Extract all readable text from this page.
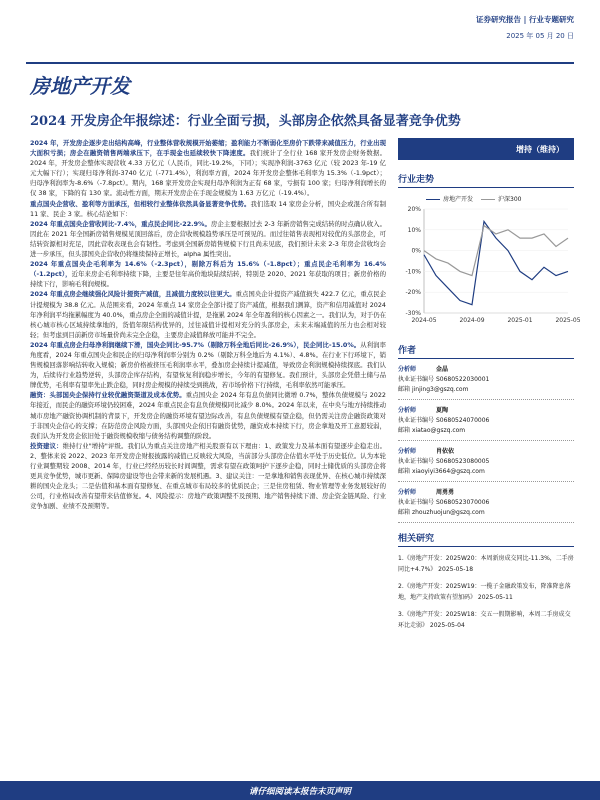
证券研究报告 | 行业专题研究
2025 年 05 月 20 日
房地产开发
2024 开发房企年报综述：行业全面亏损，头部房企依然具备显著竞争优势

2024 年，开发房企逐步走出结构高峰，行业整体营收规模开始萎缩；盈利能力不断弱化至房价下跌带来减值压力，行业出现大面积亏损；房企在融资销售两端承压下，在手现金也延续较快下降速度。我们统计了全行业 168 家开发房企财务数据。2024 年，开发房企整体实现营收 4.33 万亿元（人民币，同比-19.2%，下同）；实现净利润-3763 亿元（较 2023 年-19 亿元大幅下行）；实现归母净利润-3740 亿元（-771.4%），利润率方面，2024 年开发房企整体毛利率为 15.3%（-1.9pct）；归母净利润率为-8.6%（-7.8pct）。期内，168 家开发房企实现归母净利润为正有 68 家，亏损有 100 家；归母净利润增长的仅 38 家，下降的有 130 家。流动性方面，期末开发房企在手现金规模为 1.63 万亿元（-19.4%）。

重点国央企营收、盈利等方面承压，但相较行业整体依然具备显著竞争优势。我们选取 14 家房企分析，国央企或混合所有制 11 家、民企 3 家。核心结论如下：

2024 年重点国央企营收同比-7.4%，重点民企同比-22.9%。房企主要根据过去 2-3 年新房销售完成结转的时点确认收入。因此在 2021 年全国新房销售规模见顶回落后，房企营收规模趋势承压是可预见的。而过往销售表现相对较优的头部房企，可结转资源相对充足，因此营收表现也会有韧性。考虑到全国新房销售规模下行且尚未见底，我们预计未来 2-3 年房企营收均会进一步承压，但头部国央企营收仍将继续保持正增长，alpha 属性突出。

2024 年重点国央企毛利率为 14.6%（-2.3pct），剔除万科后为 15.6%（-1.8pct）；重点民企毛利率为 16.4%（-1.2pct），近年来房企毛利率持续下降，主要是往年高价地块陆续结转，特别是 2020、2021 年获取的项目；新房价格的持续下行，影响毛利润规模。

2024 年重点房企继续强化风险计提资产减值，且减值力度较以往更大。重点国央企计提资产减值损失 422.7 亿元，重点民企计提规模为 38.8 亿元。从范围来看，2024 年重点 14 家房企全部计提了资产减值，根据我们测算，资产和信用减值对 2024 年净利润平均拖累幅度为 40.0%，重点房企全面的减值计提，是拖累 2024 年全年盈利的核心因素之一。我们认为，对于仍在核心城市核心区域持续拿地的，货值年限结构优异的，过往减值计提相对充分的头部房企，未来末端减值的压力也会相对较轻；但考虑到目前新房市场量价尚未完全企稳，主要房企减值释放可能并不完全。

2024 年重点房企归母净利润继续下滑，国央企同比-95.7%（剔除万科全地后同比-26.9%），民企同比-15.0%。从利润率角度看，2024 年重点国央企和民企的归母净利润率分别为 0.2%（剔除万科全地后为 4.1%）、4.8%。在行业下行环境下，销售规模回落影响结转收入规模；新房价格被挤压毛利润率水平，叠加房企持续计提减值，导致房企利润规模持续探底。我们认为，后续待行业趋势逆转，头部房企库存结构，有望恢复利润稳步增长，今年的有望修复。我们预计，头部房企凭借土储与品牌优势，毛利率有望率先止跌企稳，同时房企规模的持续受到挑战，若市场价格下行持续，毛利率依然可能承压。

融资：头部国央企保持行业较优融资渠道及成本优势。重点国央企 2024 年有息负债同比微增 0.7%，整体负债规模与 2022 年接近，而民企的融资环境仍较困难，2024 年重点民企有息负债规模同比减少 8.0%。2024 年以来，在中央与地方持续推动城市房地产融资协调机制的背景下，开发房企的融资环境有望边际改善，有息负债规模有望企稳，但仍需关注房企融资政策对于非国央企信心的支撑；在防范房企风险方面，头部国央企依旧有融资优势，融资成本持续下行，房企拿地及开工意愿较弱，我们认为开发房企依旧处于融资规模收缩与债务结构调整的阶段。

投资建议：维持行业"增持"评级。我们认为重点关注房地产相关股票有以下理由：1、政策发力及基本面有望逐步企稳走出。2、整体来说 2022、2023 年开发房企财报披露的减值已反映较大风险，当前部分头部房企估值水平处于历史低位。认为本轮行业调整期较 2008、2014 年，行业已经经历较长时间调整，需求有望在政策呵护下逐步企稳，同时土储优质的头部房企将更具竞争优势，城市更新、保障房建设等也会带来新的发展机遇。3、建议关注：一是拿地和销售表现优异、在核心城市持续深耕的国央企龙头；二是估值和基本面有望修复、在重点城市布局较多的优质民企；三是住房租赁、物业管理等业务发展较好的公司，行业格局改善有望带来估值修复。4、风险提示：房地产政策调整不及预期、地产销售持续下滑、房企资金链风险、行业竞争加剧、业绩不及预期等。

增持（维持）
行业走势
房地产开发	沪深300
20%
10%
0%
-10%
-20%
-30%
2024-05	2024-09	2025-01	2025-05
作者
分析师	金晶
执业证书编号 S0680522030001
邮箱 jinjing3@gszq.com
分析师	夏陶
执业证书编号 S0680524070006
邮箱 xiatao@gszq.com
分析师	肖依依
执业证书编号 S0680523080005
邮箱 xiaoyiyi3664@gszq.com
分析师	周勇勇
执业证书编号 S0680523070006
邮箱 zhouzhuojun@gszq.com
相关研究
1.《房地产开发：2025W20：本周新房成交同比-11.3%，二手房同比+4.7%》 2025-05-18
2.《房地产开发：2025W19：一揽子金融政策发布，降准降息落地，地产支持政策有望加码》 2025-05-11
3.《房地产开发：2025W18：交五一假期影响，本周二手房成交环比走弱》 2025-05-04
请仔细阅读本报告末页声明
